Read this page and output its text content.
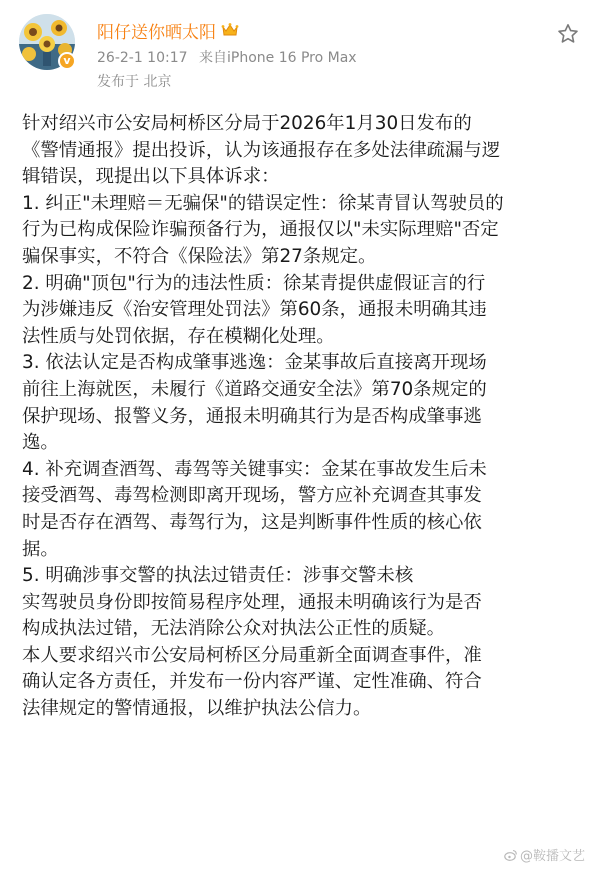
v
阳仔送你晒太阳
26-2-1 10:17 来自iPhone 16 Pro Max
发布于 北京
针对绍兴市公安局柯桥区分局于2026年1月30日发布的
《警情通报》提出投诉，认为该通报存在多处法律疏漏与逻
辑错误，现提出以下具体诉求：
1. 纠正"未理赔＝无骗保"的错误定性：徐某青冒认驾驶员的
行为已构成保险诈骗预备行为，通报仅以"未实际理赔"否定
骗保事实，不符合《保险法》第27条规定。
2. 明确"顶包"行为的违法性质：徐某青提供虚假证言的行
为涉嫌违反《治安管理处罚法》第60条，通报未明确其违
法性质与处罚依据，存在模糊化处理。
3. 依法认定是否构成肇事逃逸：金某事故后直接离开现场
前往上海就医，未履行《道路交通安全法》第70条规定的
保护现场、报警义务，通报未明确其行为是否构成肇事逃
逸。
4. 补充调查酒驾、毒驾等关键事实：金某在事故发生后未
接受酒驾、毒驾检测即离开现场，警方应补充调查其事发
时是否存在酒驾、毒驾行为，这是判断事件性质的核心依
据。
5. 明确涉事交警的执法过错责任：涉事交警未核
实驾驶员身份即按简易程序处理，通报未明确该行为是否
构成执法过错，无法消除公众对执法公正性的质疑。
本人要求绍兴市公安局柯桥区分局重新全面调查事件，准
确认定各方责任，并发布一份内容严谨、定性准确、符合
法律规定的警情通报，以维护执法公信力。
@鞍播文艺
